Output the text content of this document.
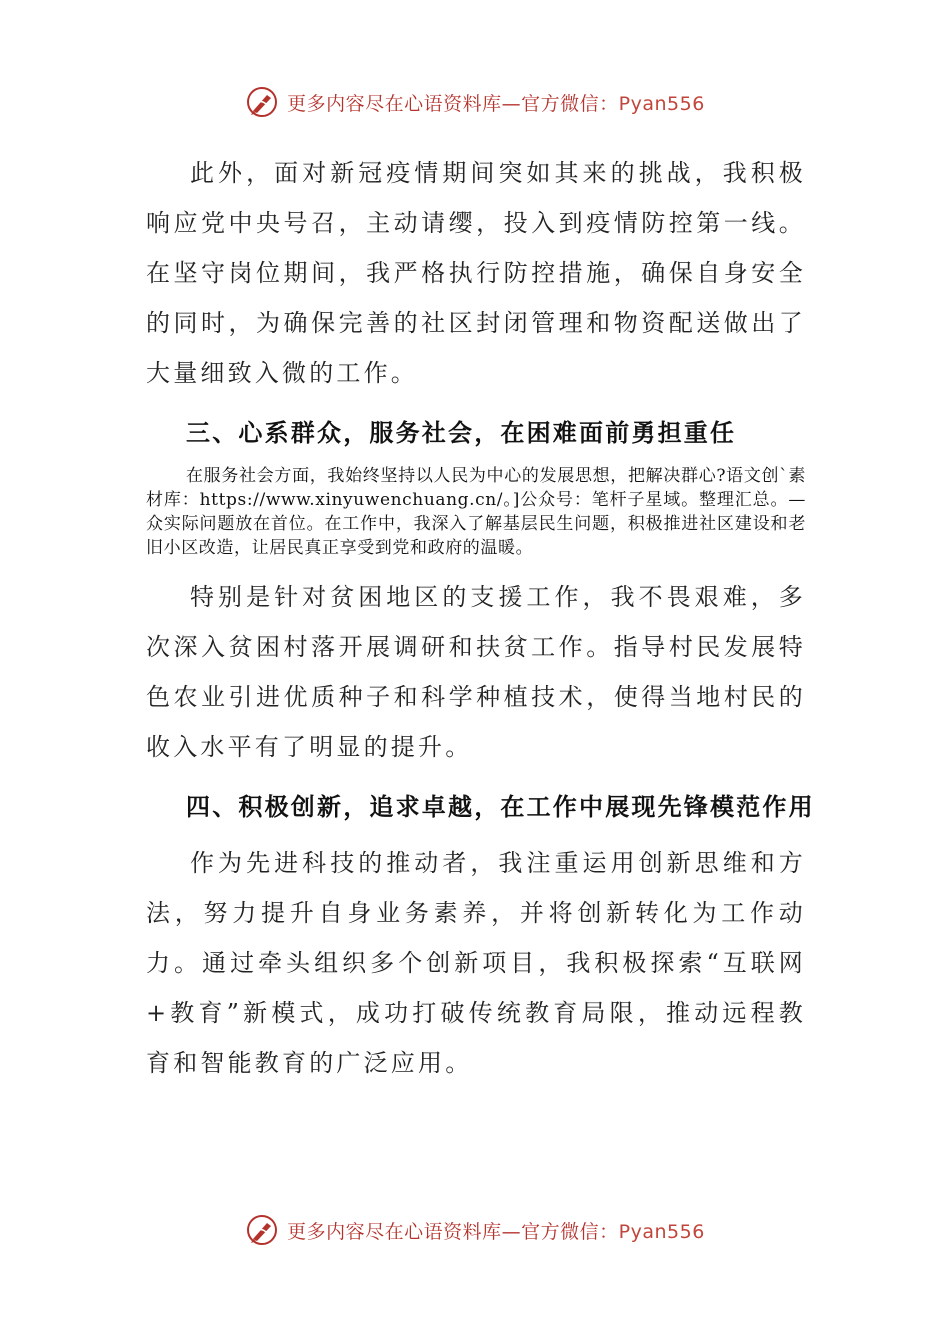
更多内容尽在心语资料库—官方微信：Pyan556

此外，面对新冠疫情期间突如其来的挑战，我积极响应党中央号召，主动请缨，投入到疫情防控第一线。在坚守岗位期间，我严格执行防控措施，确保自身安全的同时，为确保完善的社区封闭管理和物资配送做出了大量细致入微的工作。

三、心系群众，服务社会，在困难面前勇担重任

在服务社会方面，我始终坚持以人民为中心的发展思想，把解决群心?语文创`素材库：https://www.xinyuwenchuang.cn/。]公众号：笔杆子星域。整理汇总。—众实际问题放在首位。在工作中，我深入了解基层民生问题，积极推进社区建设和老旧小区改造，让居民真正享受到党和政府的温暖。

特别是针对贫困地区的支援工作，我不畏艰难，多次深入贫困村落开展调研和扶贫工作。指导村民发展特色农业引进优质种子和科学种植技术，使得当地村民的收入水平有了明显的提升。

四、积极创新，追求卓越，在工作中展现先锋模范作用

作为先进科技的推动者，我注重运用创新思维和方法，努力提升自身业务素养，并将创新转化为工作动力。通过牵头组织多个创新项目，我积极探索“互联网+教育”新模式，成功打破传统教育局限，推动远程教育和智能教育的广泛应用。

更多内容尽在心语资料库—官方微信：Pyan556
